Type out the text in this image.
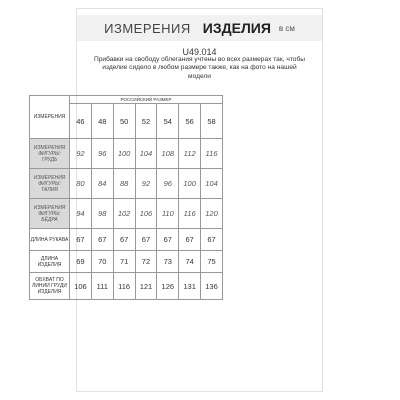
ИЗМЕРЕНИЯ ИЗДЕЛИЯ в см
U49.014
Прибавки на свободу облегания учтены во всех размерах так, чтобы изделие сидело в любом размере также, как на фото на нашей модели
ИЗМЕРЕНИЯ	РОССИЙСКИЙ РАЗМЕР						
	46	48	50	52	54	56	58
ИЗМЕРЕНИЯ ФИГУРЫ: ГРУДЬ	92	96	100	104	108	112	116
ИЗМЕРЕНИЯ ФИГУРЫ: ТАЛИЯ	80	84	88	92	96	100	104
ИЗМЕРЕНИЯ ФИГУРЫ: БЁДРА	94	98	102	106	110	116	120
ДЛИНА РУКАВА	67	67	67	67	67	67	67
ДЛИНА ИЗДЕЛИЯ	69	70	71	72	73	74	75
ОБХВАТ ПО ЛИНИИ ГРУДИ ИЗДЕЛИЯ	106	111	116	121	126	131	136
